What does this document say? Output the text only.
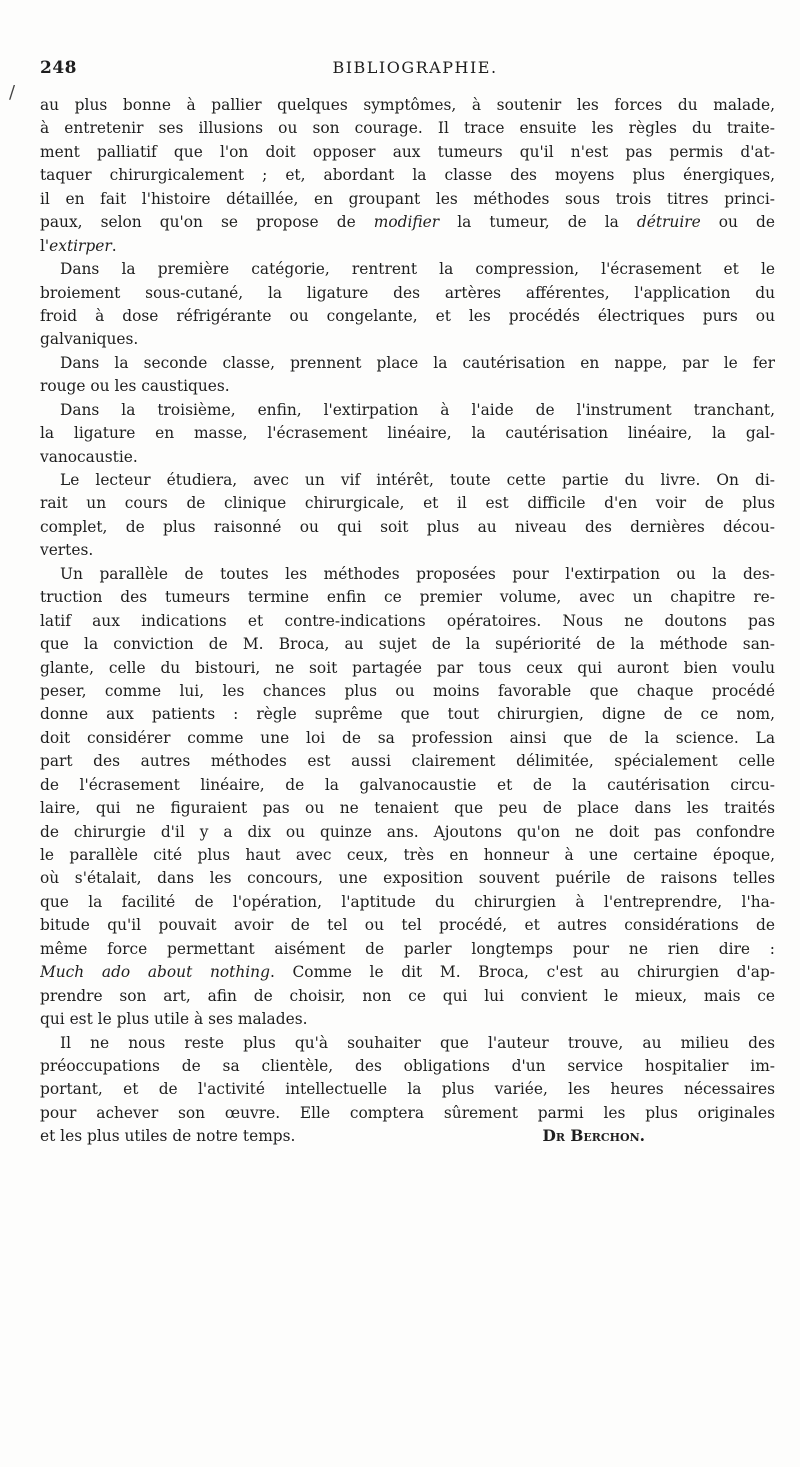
/
248	BIBLIOGRAPHIE.
au plus bonne à pallier quelques symptômes, à soutenir les forces du malade,
à entretenir ses illusions ou son courage. Il trace ensuite les règles du traite-
ment palliatif que l'on doit opposer aux tumeurs qu'il n'est pas permis d'at-
taquer chirurgicalement ; et, abordant la classe des moyens plus énergiques,
il en fait l'histoire détaillée, en groupant les méthodes sous trois titres princi-
paux, selon qu'on se propose de modifier la tumeur, de la détruire ou de
l'extirper.
Dans la première catégorie, rentrent la compression, l'écrasement et le
broiement sous-cutané, la ligature des artères afférentes, l'application du
froid à dose réfrigérante ou congelante, et les procédés électriques purs ou
galvaniques.
Dans la seconde classe, prennent place la cautérisation en nappe, par le fer
rouge ou les caustiques.
Dans la troisième, enfin, l'extirpation à l'aide de l'instrument tranchant,
la ligature en masse, l'écrasement linéaire, la cautérisation linéaire, la gal-
vanocaustie.
Le lecteur étudiera, avec un vif intérêt, toute cette partie du livre. On di-
rait un cours de clinique chirurgicale, et il est difficile d'en voir de plus
complet, de plus raisonné ou qui soit plus au niveau des dernières décou-
vertes.
Un parallèle de toutes les méthodes proposées pour l'extirpation ou la des-
truction des tumeurs termine enfin ce premier volume, avec un chapitre re-
latif aux indications et contre-indications opératoires. Nous ne doutons pas
que la conviction de M. Broca, au sujet de la supériorité de la méthode san-
glante, celle du bistouri, ne soit partagée par tous ceux qui auront bien voulu
peser, comme lui, les chances plus ou moins favorable que chaque procédé
donne aux patients : règle suprême que tout chirurgien, digne de ce nom,
doit considérer comme une loi de sa profession ainsi que de la science. La
part des autres méthodes est aussi clairement délimitée, spécialement celle
de l'écrasement linéaire, de la galvanocaustie et de la cautérisation circu-
laire, qui ne figuraient pas ou ne tenaient que peu de place dans les traités
de chirurgie d'il y a dix ou quinze ans. Ajoutons qu'on ne doit pas confondre
le parallèle cité plus haut avec ceux, très en honneur à une certaine époque,
où s'étalait, dans les concours, une exposition souvent puérile de raisons telles
que la facilité de l'opération, l'aptitude du chirurgien à l'entreprendre, l'ha-
bitude qu'il pouvait avoir de tel ou tel procédé, et autres considérations de
même force permettant aisément de parler longtemps pour ne rien dire :
Much ado about nothing. Comme le dit M. Broca, c'est au chirurgien d'ap-
prendre son art, afin de choisir, non ce qui lui convient le mieux, mais ce
qui est le plus utile à ses malades.
Il ne nous reste plus qu'à souhaiter que l'auteur trouve, au milieu des
préoccupations de sa clientèle, des obligations d'un service hospitalier im-
portant, et de l'activité intellectuelle la plus variée, les heures nécessaires
pour achever son œuvre. Elle comptera sûrement parmi les plus originales
et les plus utiles de notre temps.	Dr Berchon.
